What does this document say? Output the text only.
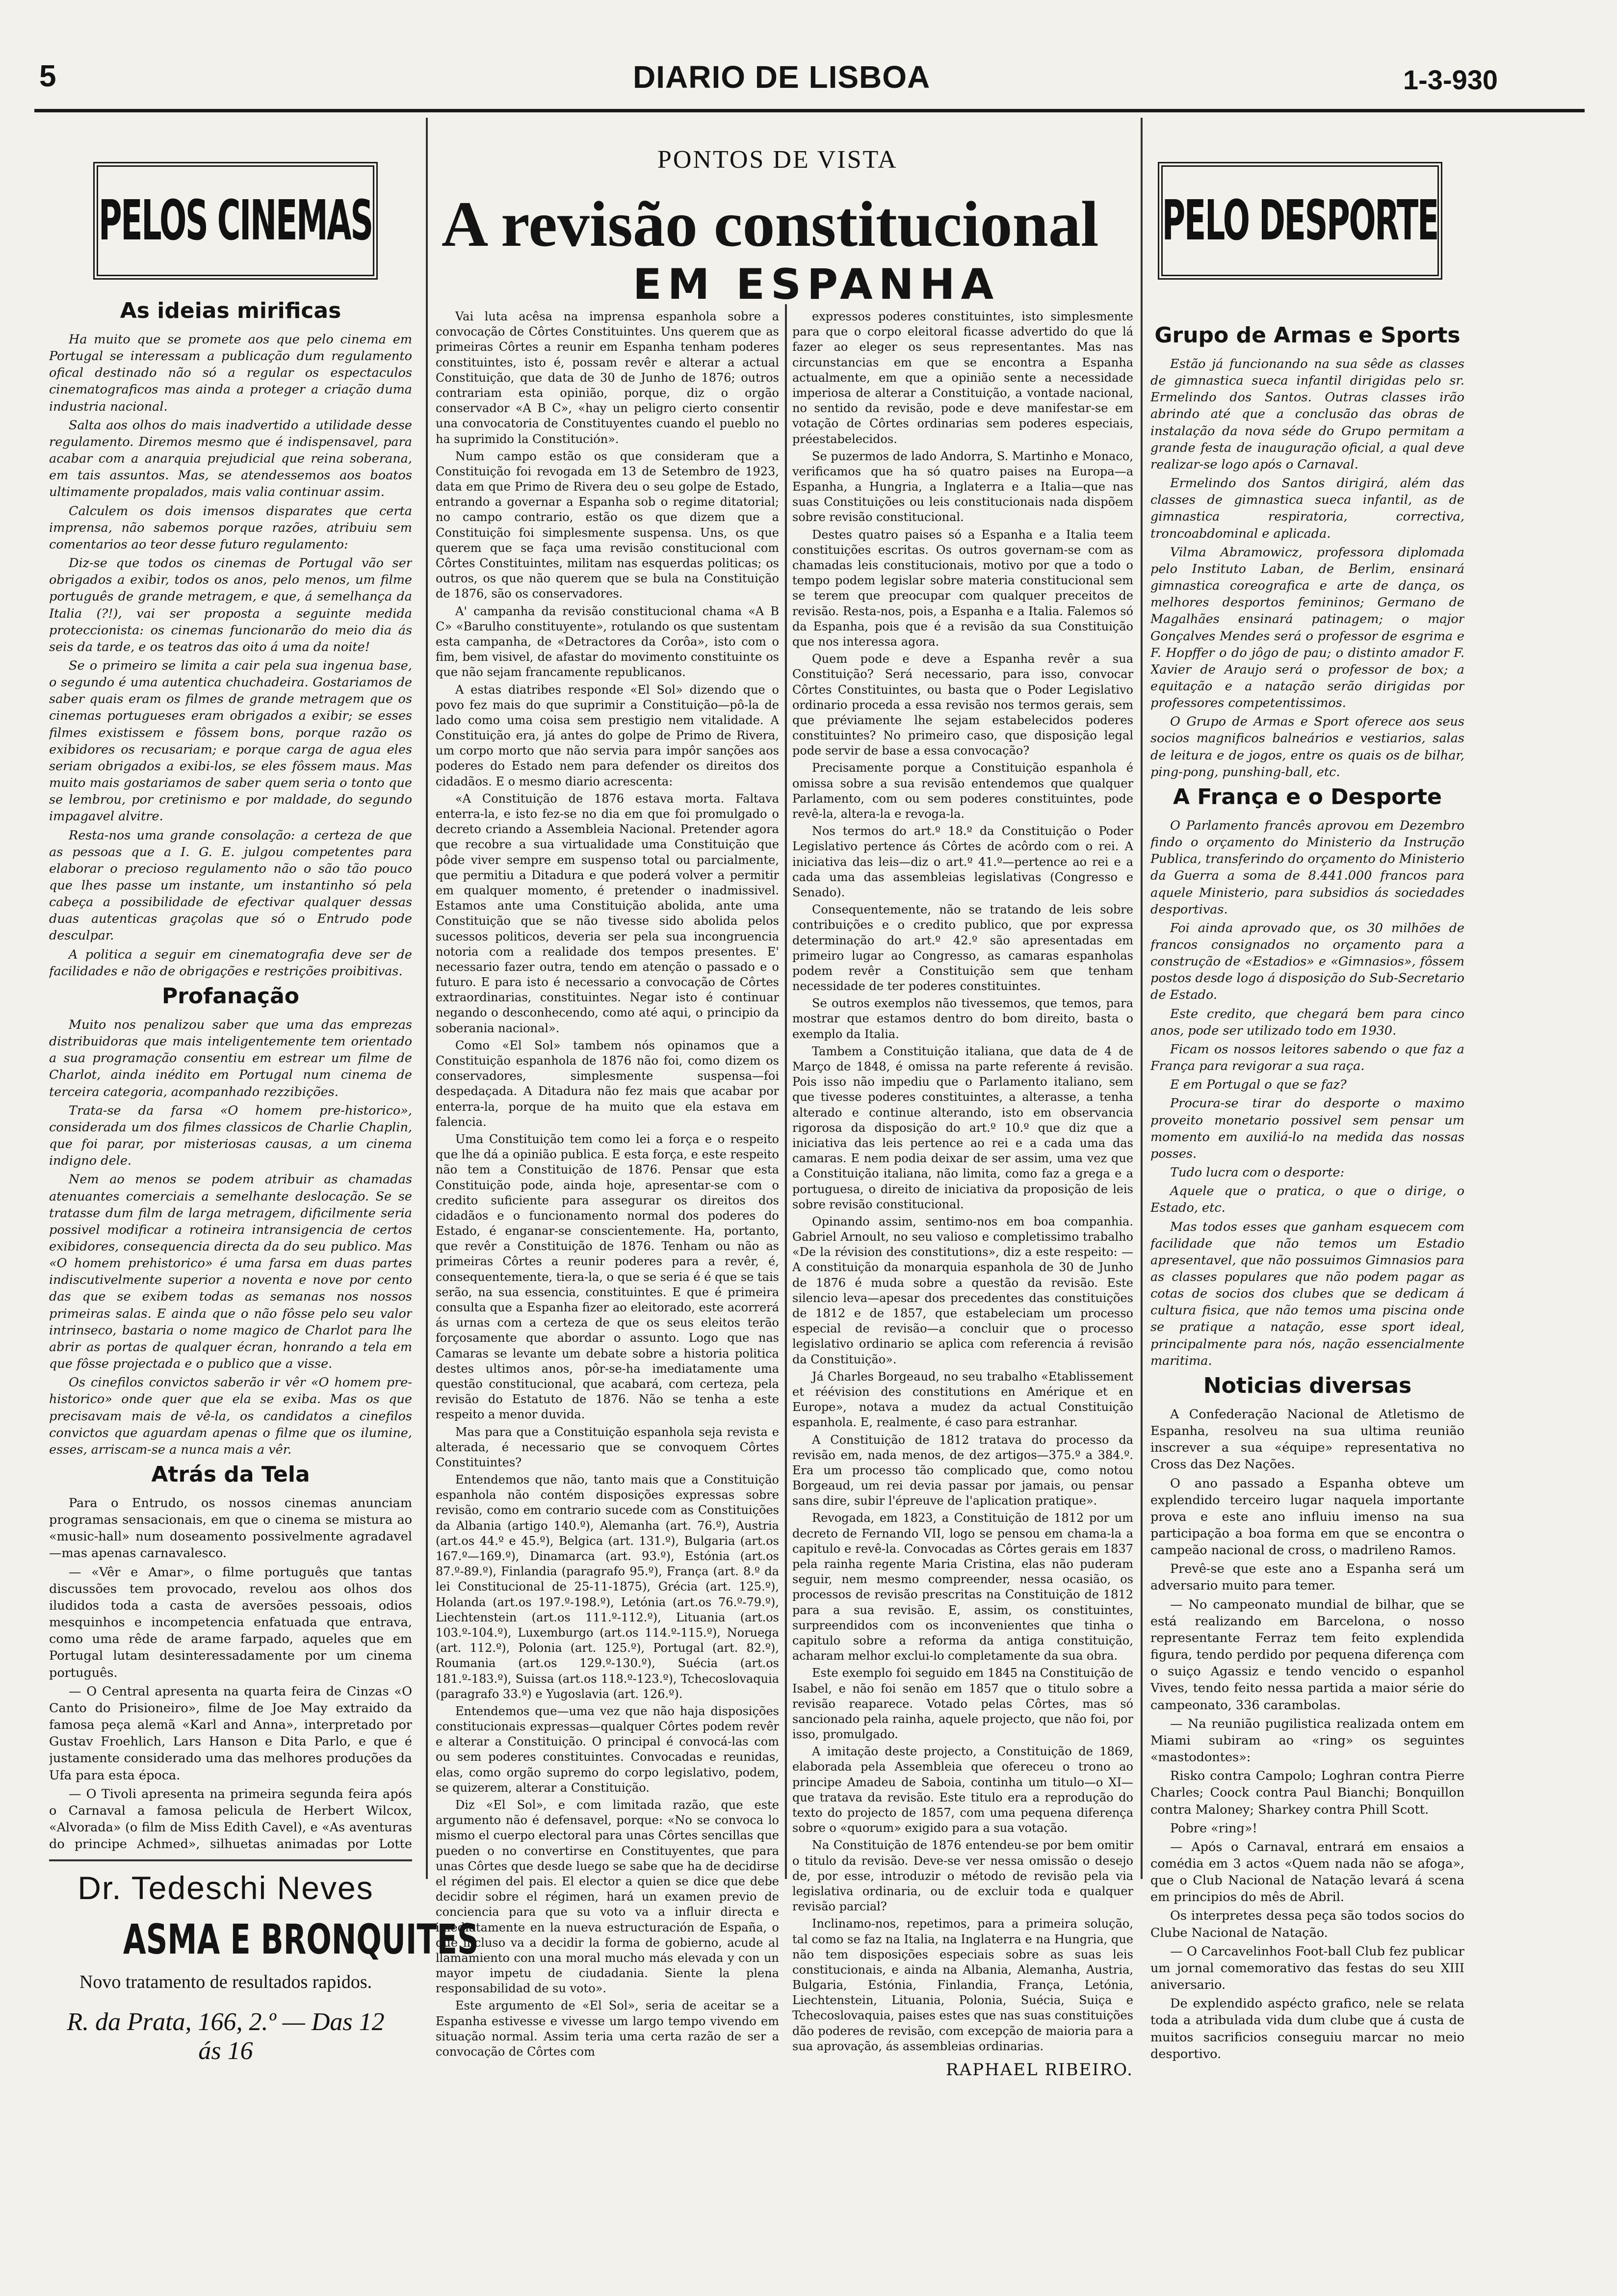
5	DIARIO DE LISBOA	1-3-930
PELOS CINEMAS
As ideias mirificas

Ha muito que se promete aos que pelo cinema em Portugal se interessam a publicação dum regulamento ofical destinado não só a regular os espectaculos cinematograficos mas ainda a proteger a criação duma industria nacional.

Salta aos olhos do mais inadvertido a utilidade desse regulamento. Diremos mesmo que é indispensavel, para acabar com a anarquia prejudicial que reina soberana, em tais assuntos. Mas, se atendessemos aos boatos ultimamente propalados, mais valia continuar assim.

Calculem os dois imensos disparates que certa imprensa, não sabemos porque razões, atribuiu sem comentarios ao teor desse futuro regulamento:

Diz-se que todos os cinemas de Portugal vão ser obrigados a exibir, todos os anos, pelo menos, um filme português de grande metragem, e que, á semelhança da Italia (?!), vai ser proposta a seguinte medida proteccionista: os cinemas funcionarão do meio dia ás seis da tarde, e os teatros das oito á uma da noite!

Se o primeiro se limita a cair pela sua ingenua base, o segundo é uma autentica chuchadeira. Gostariamos de saber quais eram os filmes de grande metragem que os cinemas portugueses eram obrigados a exibir; se esses filmes existissem e fôssem bons, porque razão os exibidores os recusariam; e porque carga de agua eles seriam obrigados a exibi-los, se eles fôssem maus. Mas muito mais gostariamos de saber quem seria o tonto que se lembrou, por cretinismo e por maldade, do segundo impagavel alvitre.

Resta-nos uma grande consolação: a certeza de que as pessoas que a I. G. E. julgou competentes para elaborar o precioso regulamento não o são tão pouco que lhes passe um instante, um instantinho só pela cabeça a possibilidade de efectivar qualquer dessas duas autenticas graçolas que só o Entrudo pode desculpar.

A politica a seguir em cinematografia deve ser de facilidades e não de obrigações e restrições proibitivas.

Profanação

Muito nos penalizou saber que uma das emprezas distribuidoras que mais inteligentemente tem orientado a sua programação consentiu em estrear um filme de Charlot, ainda inédito em Portugal num cinema de terceira categoria, acompanhado rezzibições.

Trata-se da farsa «O homem pre-historico», considerada um dos filmes classicos de Charlie Chaplin, que foi parar, por misteriosas causas, a um cinema indigno dele.

Nem ao menos se podem atribuir as chamadas atenuantes comerciais a semelhante deslocação. Se se tratasse dum film de larga metragem, dificilmente seria possivel modificar a rotineira intransigencia de certos exibidores, consequencia directa da do seu publico. Mas «O homem prehistorico» é uma farsa em duas partes indiscutivelmente superior a noventa e nove por cento das que se exibem todas as semanas nos nossos primeiras salas. E ainda que o não fôsse pelo seu valor intrinseco, bastaria o nome magico de Charlot para lhe abrir as portas de qualquer écran, honrando a tela em que fôsse projectada e o publico que a visse.

Os cinefilos convictos saberão ir vêr «O homem pre-historico» onde quer que ela se exiba. Mas os que precisavam mais de vê-la, os candidatos a cinefilos convictos que aguardam apenas o filme que os ilumine, esses, arriscam-se a nunca mais a vêr.

Atrás da Tela

Para o Entrudo, os nossos cinemas anunciam programas sensacionais, em que o cinema se mistura ao «music-hall» num doseamento possivelmente agradavel—mas apenas carnavalesco.

— «Vêr e Amar», o filme português que tantas discussões tem provocado, revelou aos olhos dos iludidos toda a casta de aversões pessoais, odios mesquinhos e incompetencia enfatuada que entrava, como uma rêde de arame farpado, aqueles que em Portugal lutam desinteressadamente por um cinema português.

— O Central apresenta na quarta feira de Cinzas «O Canto do Prisioneiro», filme de Joe May extraido da famosa peça alemã «Karl and Anna», interpretado por Gustav Froehlich, Lars Hanson e Dita Parlo, e que é justamente considerado uma das melhores produções da Ufa para esta época.

— O Tivoli apresenta na primeira segunda feira após o Carnaval a famosa pelicula de Herbert Wilcox, «Alvorada» (o film de Miss Edith Cavel), e «As aventuras do principe Achmed», silhuetas animadas por Lotte

Dr. Tedeschi Neves
ASMA E BRONQUITES
Novo tratamento de resultados rapidos.
R. da Prata, 166, 2.º — Das 12 ás 16
PONTOS DE VISTA
A revisão constitucional
EM ESPANHA

Vai luta acêsa na imprensa espanhola sobre a convocação de Côrtes Constituintes. Uns querem que as primeiras Côrtes a reunir em Espanha tenham poderes constituintes, isto é, possam revêr e alterar a actual Constituição, que data de 30 de Junho de 1876; outros contrariam esta opinião, porque, diz o orgão conservador «A B C», «hay un peligro cierto consentir una convocatoria de Constituyentes cuando el pueblo no ha suprimido la Constitución».

Num campo estão os que consideram que a Constituição foi revogada em 13 de Setembro de 1923, data em que Primo de Rivera deu o seu golpe de Estado, entrando a governar a Espanha sob o regime ditatorial; no campo contrario, estão os que dizem que a Constituição foi simplesmente suspensa. Uns, os que querem que se faça uma revisão constitucional com Côrtes Constituintes, militam nas esquerdas politicas; os outros, os que não querem que se bula na Constituição de 1876, são os conservadores.

A' campanha da revisão constitucional chama «A B C» «Barulho constituyente», rotulando os que sustentam esta campanha, de «Detractores da Corôa», isto com o fim, bem visivel, de afastar do movimento constituinte os que não sejam francamente republicanos.

A estas diatribes responde «El Sol» dizendo que o povo fez mais do que suprimir a Constituição—pô-la de lado como uma coisa sem prestigio nem vitalidade. A Constituição era, já antes do golpe de Primo de Rivera, um corpo morto que não servia para impôr sanções aos poderes do Estado nem para defender os direitos dos cidadãos. E o mesmo diario acrescenta:

«A Constituição de 1876 estava morta. Faltava enterra-la, e isto fez-se no dia em que foi promulgado o decreto criando a Assembleia Nacional. Pretender agora que recobre a sua virtualidade uma Constituição que pôde viver sempre em suspenso total ou parcialmente, que permitiu a Ditadura e que poderá volver a permitir em qualquer momento, é pretender o inadmissivel. Estamos ante uma Constituição abolida, ante uma Constituição que se não tivesse sido abolida pelos sucessos politicos, deveria ser pela sua incongruencia notoria com a realidade dos tempos presentes. E' necessario fazer outra, tendo em atenção o passado e o futuro. E para isto é necessario a convocação de Côrtes extraordinarias, constituintes. Negar isto é continuar negando o desconhecendo, como até aqui, o principio da soberania nacional».

Como «El Sol» tambem nós opinamos que a Constituição espanhola de 1876 não foi, como dizem os conservadores, simplesmente suspensa—foi despedaçada. A Ditadura não fez mais que acabar por enterra-la, porque de ha muito que ela estava em falencia.

Uma Constituição tem como lei a força e o respeito que lhe dá a opinião publica. E esta força, e este respeito não tem a Constituição de 1876. Pensar que esta Constituição pode, ainda hoje, apresentar-se com o credito suficiente para assegurar os direitos dos cidadãos e o funcionamento normal dos poderes do Estado, é enganar-se conscientemente. Ha, portanto, que revêr a Constituição de 1876. Tenham ou não as primeiras Côrtes a reunir poderes para a revêr, é, consequentemente, tiera-la, o que se seria é é que se tais serão, na sua essencia, constituintes. E que é primeira consulta que a Espanha fizer ao eleitorado, este acorrerá ás urnas com a certeza de que os seus eleitos terão forçosamente que abordar o assunto. Logo que nas Camaras se levante um debate sobre a historia politica destes ultimos anos, pôr-se-ha imediatamente uma questão constitucional, que acabará, com certeza, pela revisão do Estatuto de 1876. Não se tenha a este respeito a menor duvida.

Mas para que a Constituição espanhola seja revista e alterada, é necessario que se convoquem Côrtes Constituintes?

Entendemos que não, tanto mais que a Constituição espanhola não contém disposições expressas sobre revisão, como em contrario sucede com as Constituições da Albania (artigo 140.º), Alemanha (art. 76.º), Austria (art.os 44.º e 45.º), Belgica (art. 131.º), Bulgaria (art.os 167.º—169.º), Dinamarca (art. 93.º), Estónia (art.os 87.º-89.º), Finlandia (paragrafo 95.º), França (art. 8.º da lei Constitucional de 25-11-1875), Grécia (art. 125.º), Holanda (art.os 197.º-198.º), Letónia (art.os 76.º-79.º), Liechtenstein (art.os 111.º-112.º), Lituania (art.os 103.º-104.º), Luxemburgo (art.os 114.º-115.º), Noruega (art. 112.º), Polonia (art. 125.º), Portugal (art. 82.º), Roumania (art.os 129.º-130.º), Suécia (art.os 181.º-183.º), Suissa (art.os 118.º-123.º), Tchecoslovaquia (paragrafo 33.º) e Yugoslavia (art. 126.º).

Entendemos que—uma vez que não haja disposições constitucionais expressas—qualquer Côrtes podem revêr e alterar a Constituição. O principal é convocá-las com ou sem poderes constituintes. Convocadas e reunidas, elas, como orgão supremo do corpo legislativo, podem, se quizerem, alterar a Constituição.

Diz «El Sol», e com limitada razão, que este argumento não é defensavel, porque: «No se convoca lo mismo el cuerpo electoral para unas Côrtes sencillas que pueden o no convertirse en Constituyentes, que para unas Côrtes que desde luego se sabe que ha de decidirse el régimen del pais. El elector a quien se dice que debe decidir sobre el régimen, hará un examen previo de conciencia para que su voto va a influir directa e imediatamente en la nueva estructuración de España, o que incluso va a decidir la forma de gobierno, acude al llamamiento con una moral mucho más elevada y con un mayor impetu de ciudadania. Siente la plena responsabilidad de su voto».

Este argumento de «El Sol», seria de aceitar se a Espanha estivesse e vivesse um largo tempo vivendo em situação normal. Assim teria uma certa razão de ser a convocação de Côrtes com

expressos poderes constituintes, isto simplesmente para que o corpo eleitoral ficasse advertido do que lá fazer ao eleger os seus representantes. Mas nas circunstancias em que se encontra a Espanha actualmente, em que a opinião sente a necessidade imperiosa de alterar a Constituição, a vontade nacional, no sentido da revisão, pode e deve manifestar-se em votação de Côrtes ordinarias sem poderes especiais, préestabelecidos.

Se puzermos de lado Andorra, S. Martinho e Monaco, verificamos que ha só quatro paises na Europa—a Espanha, a Hungria, a Inglaterra e a Italia—que nas suas Constituições ou leis constitucionais nada dispõem sobre revisão constitucional.

Destes quatro paises só a Espanha e a Italia teem constituições escritas. Os outros governam-se com as chamadas leis constitucionais, motivo por que a todo o tempo podem legislar sobre materia constitucional sem se terem que preocupar com qualquer preceitos de revisão. Resta-nos, pois, a Espanha e a Italia. Falemos só da Espanha, pois que é a revisão da sua Constituição que nos interessa agora.

Quem pode e deve a Espanha revêr a sua Constituição? Será necessario, para isso, convocar Côrtes Constituintes, ou basta que o Poder Legislativo ordinario proceda a essa revisão nos termos gerais, sem que préviamente lhe sejam estabelecidos poderes constituintes? No primeiro caso, que disposição legal pode servir de base a essa convocação?

Precisamente porque a Constituição espanhola é omissa sobre a sua revisão entendemos que qualquer Parlamento, com ou sem poderes constituintes, pode revê-la, altera-la e revoga-la.

Nos termos do art.º 18.º da Constituição o Poder Legislativo pertence ás Côrtes de acôrdo com o rei. A iniciativa das leis—diz o art.º 41.º—pertence ao rei e a cada uma das assembleias legislativas (Congresso e Senado).

Consequentemente, não se tratando de leis sobre contribuições e o credito publico, que por expressa determinação do art.º 42.º são apresentadas em primeiro lugar ao Congresso, as camaras espanholas podem revêr a Constituição sem que tenham necessidade de ter poderes constituintes.

Se outros exemplos não tivessemos, que temos, para mostrar que estamos dentro do bom direito, basta o exemplo da Italia.

Tambem a Constituição italiana, que data de 4 de Março de 1848, é omissa na parte referente á revisão. Pois isso não impediu que o Parlamento italiano, sem que tivesse poderes constituintes, a alterasse, a tenha alterado e continue alterando, isto em observancia rigorosa da disposição do art.º 10.º que diz que a iniciativa das leis pertence ao rei e a cada uma das camaras. E nem podia deixar de ser assim, uma vez que a Constituição italiana, não limita, como faz a grega e a portuguesa, o direito de iniciativa da proposição de leis sobre revisão constitucional.

Opinando assim, sentimo-nos em boa companhia. Gabriel Arnoult, no seu valioso e completissimo trabalho «De la révision des constitutions», diz a este respeito: —A constituição da monarquia espanhola de 30 de Junho de 1876 é muda sobre a questão da revisão. Este silencio leva—apesar dos precedentes das constituições de 1812 e de 1857, que estabeleciam um processo especial de revisão—a concluir que o processo legislativo ordinario se aplica com referencia á revisão da Constituição».

Já Charles Borgeaud, no seu trabalho «Etablissement et réévision des constitutions en Amérique et en Europe», notava a mudez da actual Constituição espanhola. E, realmente, é caso para estranhar.

A Constituição de 1812 tratava do processo da revisão em, nada menos, de dez artigos—375.º a 384.º. Era um processo tão complicado que, como notou Borgeaud, um rei devia passar por jamais, ou pensar sans dire, subir l'épreuve de l'aplication pratique».

Revogada, em 1823, a Constituição de 1812 por um decreto de Fernando VII, logo se pensou em chama-la a capitulo e revê-la. Convocadas as Côrtes gerais em 1837 pela rainha regente Maria Cristina, elas não puderam seguir, nem mesmo compreender, nessa ocasião, os processos de revisão prescritas na Constituição de 1812 para a sua revisão. E, assim, os constituintes, surpreendidos com os inconvenientes que tinha o capitulo sobre a reforma da antiga constituição, acharam melhor exclui-lo completamente da sua obra.

Este exemplo foi seguido em 1845 na Constituição de Isabel, e não foi senão em 1857 que o titulo sobre a revisão reaparece. Votado pelas Côrtes, mas só sancionado pela rainha, aquele projecto, que não foi, por isso, promulgado.

A imitação deste projecto, a Constituição de 1869, elaborada pela Assembleia que ofereceu o trono ao principe Amadeu de Saboia, continha um titulo—o XI—que tratava da revisão. Este titulo era a reprodução do texto do projecto de 1857, com uma pequena diferença sobre o «quorum» exigido para a sua votação.

Na Constituição de 1876 entendeu-se por bem omitir o titulo da revisão. Deve-se ver nessa omissão o desejo de, por esse, introduzir o método de revisão pela via legislativa ordinaria, ou de excluir toda e qualquer revisão parcial?

Inclinamo-nos, repetimos, para a primeira solução, tal como se faz na Italia, na Inglaterra e na Hungria, que não tem disposições especiais sobre as suas leis constitucionais, e ainda na Albania, Alemanha, Austria, Bulgaria, Estónia, Finlandia, França, Letónia, Liechtenstein, Lituania, Polonia, Suécia, Suiça e Tchecoslovaquia, paises estes que nas suas constituições dão poderes de revisão, com excepção de maioria para a sua aprovação, ás assembleias ordinarias.

RAPHAEL RIBEIRO.
PELO DESPORTE
Grupo de Armas e Sports

Estão já funcionando na sua sêde as classes de gimnastica sueca infantil dirigidas pelo sr. Ermelindo dos Santos. Outras classes irão abrindo até que a conclusão das obras de instalação da nova séde do Grupo permitam a grande festa de inauguração oficial, a qual deve realizar-se logo após o Carnaval.

Ermelindo dos Santos dirigirá, além das classes de gimnastica sueca infantil, as de gimnastica respiratoria, correctiva, troncoabdominal e aplicada.

Vilma Abramowicz, professora diplomada pelo Instituto Laban, de Berlim, ensinará gimnastica coreografica e arte de dança, os melhores desportos femininos; Germano de Magalhães ensinará patinagem; o major Gonçalves Mendes será o professor de esgrima e F. Hopffer o do jôgo de pau; o distinto amador F. Xavier de Araujo será o professor de box; a equitação e a natação serão dirigidas por professores competentissimos.

O Grupo de Armas e Sport oferece aos seus socios magnificos balneários e vestiarios, salas de leitura e de jogos, entre os quais os de bilhar, ping-pong, punshing-ball, etc.

A França e o Desporte

O Parlamento francês aprovou em Dezembro findo o orçamento do Ministerio da Instrução Publica, transferindo do orçamento do Ministerio da Guerra a soma de 8.441.000 francos para aquele Ministerio, para subsidios ás sociedades desportivas.

Foi ainda aprovado que, os 30 milhões de francos consignados no orçamento para a construção de «Estadios» e «Gimnasios», fôssem postos desde logo á disposição do Sub-Secretario de Estado.

Este credito, que chegará bem para cinco anos, pode ser utilizado todo em 1930.

Ficam os nossos leitores sabendo o que faz a França para revigorar a sua raça.

E em Portugal o que se faz?

Procura-se tirar do desporte o maximo proveito monetario possivel sem pensar um momento em auxiliá-lo na medida das nossas posses.

Tudo lucra com o desporte:

Aquele que o pratica, o que o dirige, o Estado, etc.

Mas todos esses que ganham esquecem com facilidade que não temos um Estadio apresentavel, que não possuimos Gimnasios para as classes populares que não podem pagar as cotas de socios dos clubes que se dedicam á cultura fisica, que não temos uma piscina onde se pratique a natação, esse sport ideal, principalmente para nós, nação essencialmente maritima.

Noticias diversas

A Confederação Nacional de Atletismo de Espanha, resolveu na sua ultima reunião inscrever a sua «équipe» representativa no Cross das Dez Nações.

O ano passado a Espanha obteve um explendido terceiro lugar naquela importante prova e este ano influiu imenso na sua participação a boa forma em que se encontra o campeão nacional de cross, o madrileno Ramos.

Prevê-se que este ano a Espanha será um adversario muito para temer.

— No campeonato mundial de bilhar, que se está realizando em Barcelona, o nosso representante Ferraz tem feito explendida figura, tendo perdido por pequena diferença com o suiço Agassiz e tendo vencido o espanhol Vives, tendo feito nessa partida a maior série do campeonato, 336 carambolas.

— Na reunião pugilistica realizada ontem em Miami subiram ao «ring» os seguintes «mastodontes»:

Risko contra Campolo; Loghran contra Pierre Charles; Coock contra Paul Bianchi; Bonquillon contra Maloney; Sharkey contra Phill Scott.

Pobre «ring»!

— Após o Carnaval, entrará em ensaios a comédia em 3 actos «Quem nada não se afoga», que o Club Nacional de Natação levará á scena em principios do mês de Abril.

Os interpretes dessa peça são todos socios do Clube Nacional de Natação.

— O Carcavelinhos Foot-ball Club fez publicar um jornal comemorativo das festas do seu XIII aniversario.

De explendido aspécto grafico, nele se relata toda a atribulada vida dum clube que á custa de muitos sacrificios conseguiu marcar no meio desportivo.
